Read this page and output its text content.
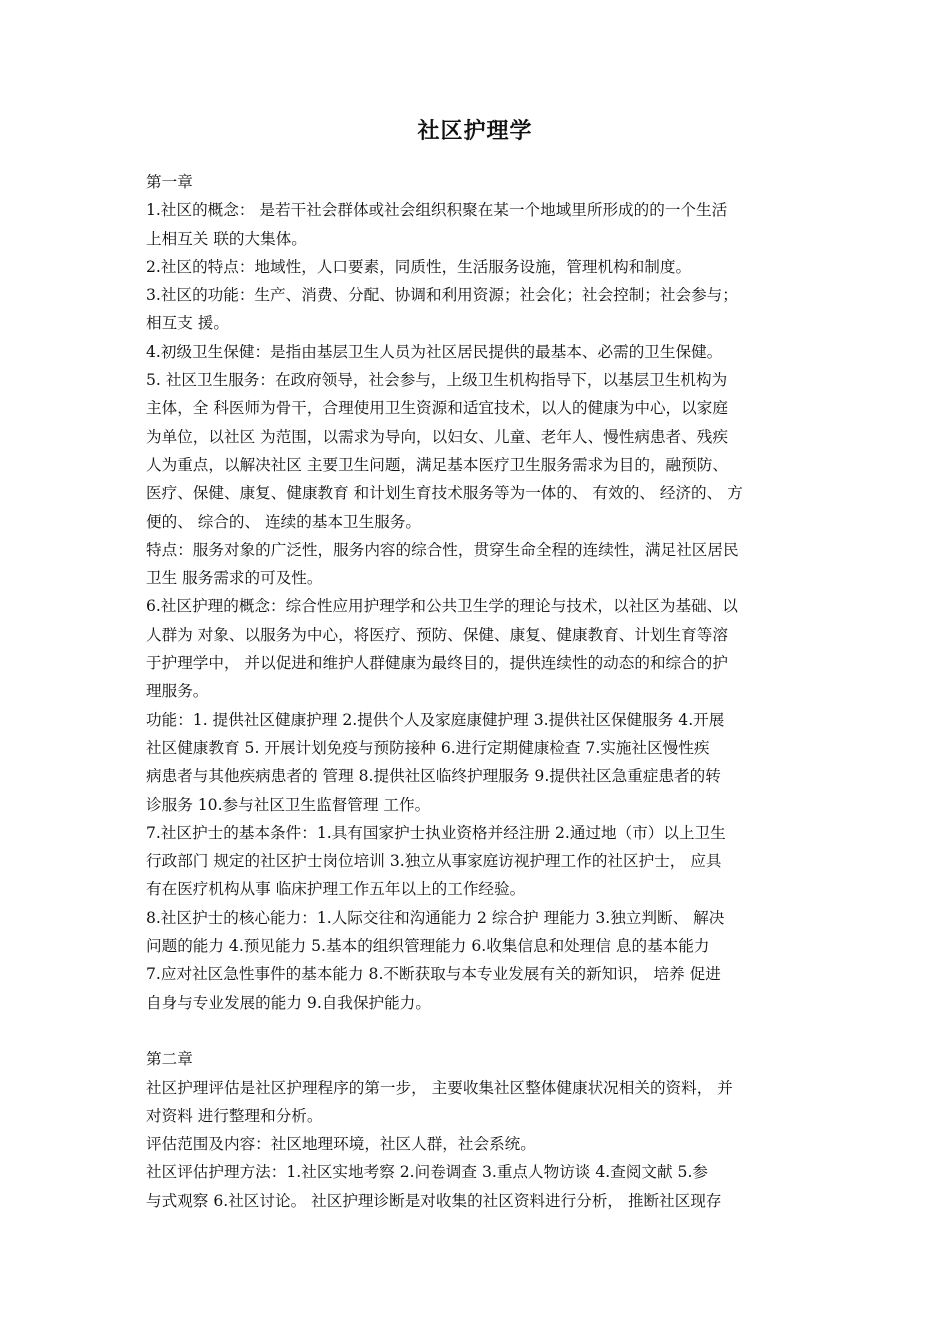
社区护理学
第一章
1.社区的概念： 是若干社会群体或社会组织积聚在某一个地域里所形成的的一个生活
上相互关 联的大集体。
2.社区的特点：地域性，人口要素，同质性，生活服务设施，管理机构和制度。
3.社区的功能：生产、消费、分配、协调和利用资源；社会化；社会控制；社会参与；
相互支 援。
4.初级卫生保健：是指由基层卫生人员为社区居民提供的最基本、必需的卫生保健。
5. 社区卫生服务：在政府领导，社会参与，上级卫生机构指导下，以基层卫生机构为
主体，全 科医师为骨干，合理使用卫生资源和适宜技术，以人的健康为中心，以家庭
为单位，以社区 为范围，以需求为导向，以妇女、儿童、老年人、慢性病患者、残疾
人为重点，以解决社区 主要卫生问题，满足基本医疗卫生服务需求为目的，融预防、
医疗、保健、康复、健康教育 和计划生育技术服务等为一体的、 有效的、 经济的、 方
便的、 综合的、 连续的基本卫生服务。
特点：服务对象的广泛性，服务内容的综合性，贯穿生命全程的连续性，满足社区居民
卫生 服务需求的可及性。
6.社区护理的概念：综合性应用护理学和公共卫生学的理论与技术，以社区为基础、以
人群为 对象、以服务为中心，将医疗、预防、保健、康复、健康教育、计划生育等溶
于护理学中， 并以促进和维护人群健康为最终目的，提供连续性的动态的和综合的护
理服务。
功能：1. 提供社区健康护理 2.提供个人及家庭康健护理 3.提供社区保健服务 4.开展
社区健康教育 5. 开展计划免疫与预防接种 6.进行定期健康检查 7.实施社区慢性疾
病患者与其他疾病患者的 管理 8.提供社区临终护理服务 9.提供社区急重症患者的转
诊服务 10.参与社区卫生监督管理 工作。
7.社区护士的基本条件：1.具有国家护士执业资格并经注册 2.通过地（市）以上卫生
行政部门 规定的社区护士岗位培训 3.独立从事家庭访视护理工作的社区护士， 应具
有在医疗机构从事 临床护理工作五年以上的工作经验。
8.社区护士的核心能力：1.人际交往和沟通能力 2 综合护 理能力 3.独立判断、 解决
问题的能力 4.预见能力 5.基本的组织管理能力 6.收集信息和处理信 息的基本能力
7.应对社区急性事件的基本能力 8.不断获取与本专业发展有关的新知识， 培养 促进
自身与专业发展的能力 9.自我保护能力。
第二章
社区护理评估是社区护理程序的第一步， 主要收集社区整体健康状况相关的资料， 并
对资料 进行整理和分析。
评估范围及内容：社区地理环境，社区人群，社会系统。
社区评估护理方法：1.社区实地考察 2.问卷调查 3.重点人物访谈 4.查阅文献 5.参
与式观察 6.社区讨论。 社区护理诊断是对收集的社区资料进行分析， 推断社区现存
